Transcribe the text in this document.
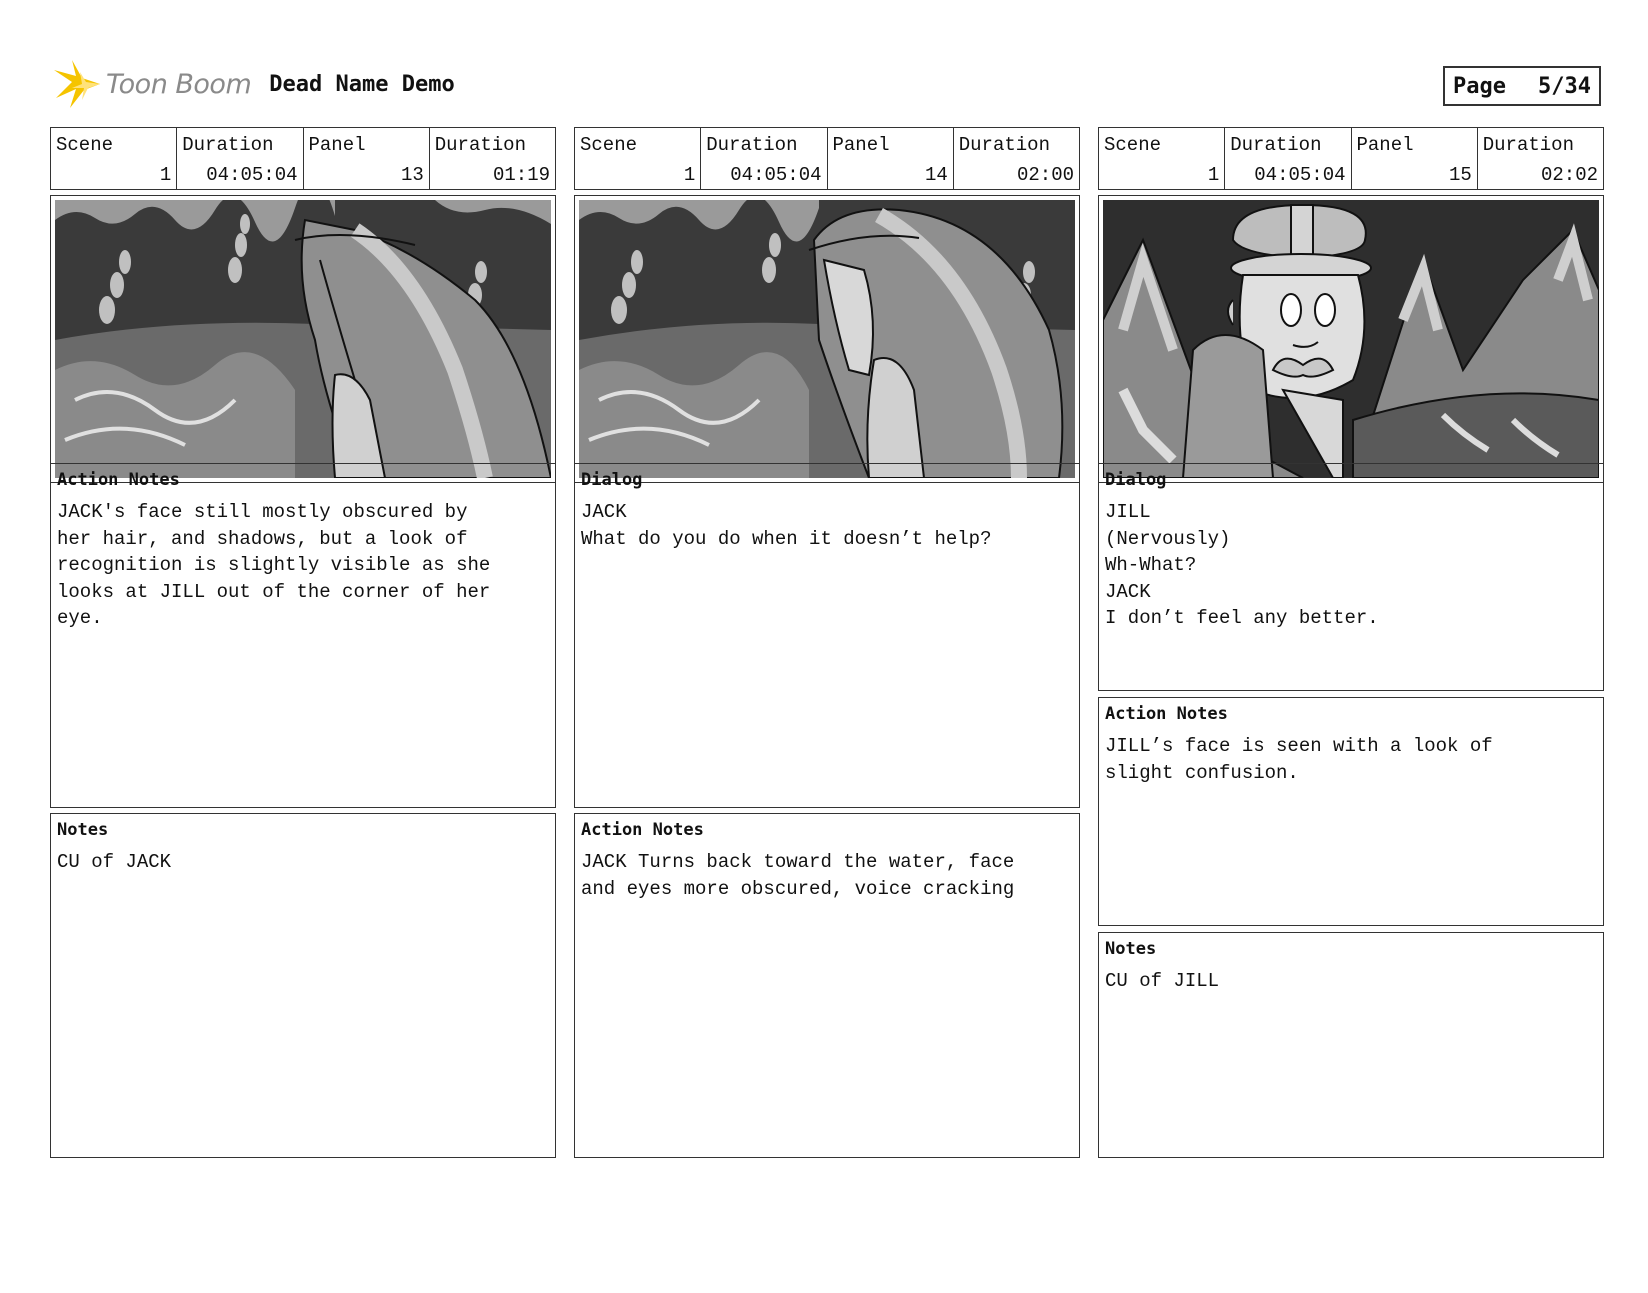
Toon Boom Dead Name Demo	Page 5/34
Scene
1
Duration
04:05:04
Panel
13
Duration
01:19
Action Notes
JACK's face still mostly obscured by
her hair, and shadows, but a look of
recognition is slightly visible as she
looks at JILL out of the corner of her
eye.
Notes
CU of JACK
Scene
1
Duration
04:05:04
Panel
14
Duration
02:00
Dialog
JACK
What do you do when it doesn’t help?
Action Notes
JACK Turns back toward the water, face
and eyes more obscured, voice cracking
Scene
1
Duration
04:05:04
Panel
15
Duration
02:02
Dialog
JILL
(Nervously)
Wh-What?
JACK
I don’t feel any better.
Action Notes
JILL’s face is seen with a look of
slight confusion.
Notes
CU of JILL
